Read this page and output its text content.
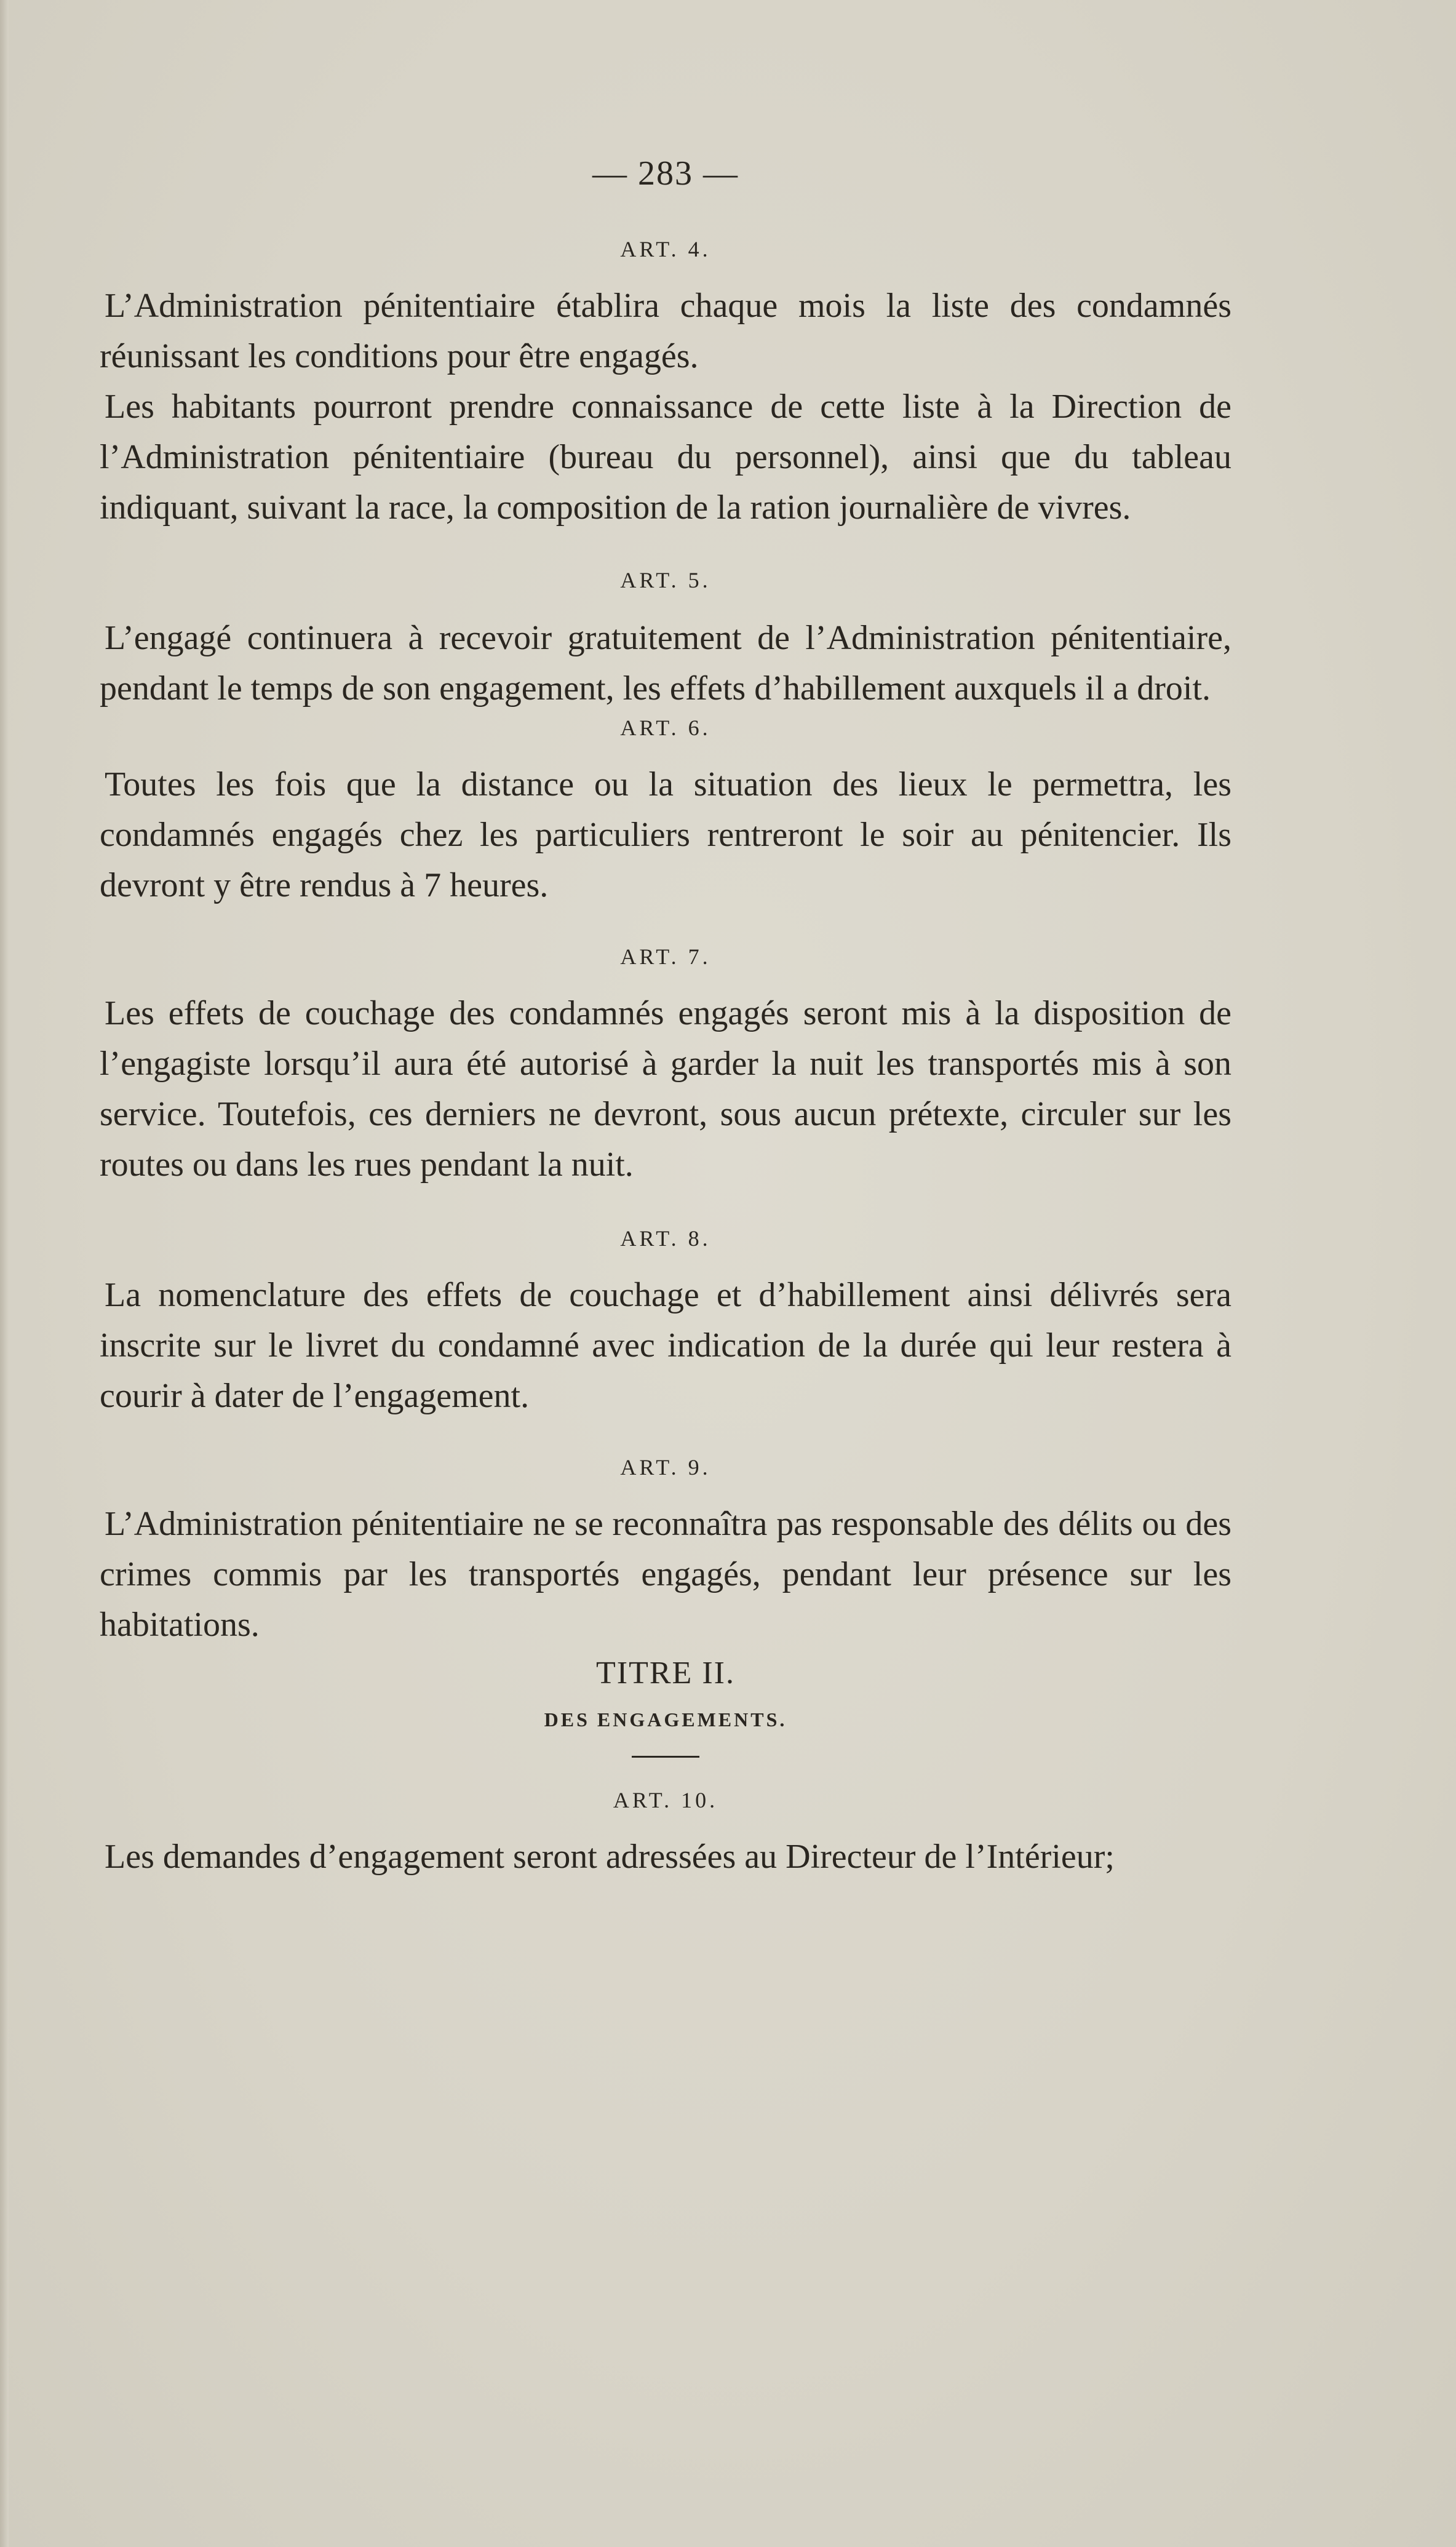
— 283 —
ART. 4.

L’Administration pénitentiaire établira chaque mois la liste des condamnés réunissant les conditions pour être engagés.

Les habitants pourront prendre connaissance de cette liste à la Direction de l’Administration pénitentiaire (bureau du personnel), ainsi que du tableau indiquant, suivant la race, la composition de la ration journalière de vivres.

ART. 5.

L’engagé continuera à recevoir gratuitement de l’Administration pénitentiaire, pendant le temps de son engagement, les effets d’habillement auxquels il a droit.

ART. 6.

Toutes les fois que la distance ou la situation des lieux le permettra, les condamnés engagés chez les particuliers rentreront le soir au pénitencier. Ils devront y être rendus à 7 heures.

ART. 7.

Les effets de couchage des condamnés engagés seront mis à la disposition de l’engagiste lorsqu’il aura été autorisé à garder la nuit les transportés mis à son service. Toutefois, ces derniers ne devront, sous aucun prétexte, circuler sur les routes ou dans les rues pendant la nuit.

ART. 8.

La nomenclature des effets de couchage et d’habillement ainsi délivrés sera inscrite sur le livret du condamné avec indication de la durée qui leur restera à courir à dater de l’engagement.

ART. 9.

L’Administration pénitentiaire ne se reconnaîtra pas responsable des délits ou des crimes commis par les transportés engagés, pendant leur présence sur les habitations.

TITRE II.
DES ENGAGEMENTS.
ART. 10.

Les demandes d’engagement seront adressées au Directeur de l’Intérieur;
